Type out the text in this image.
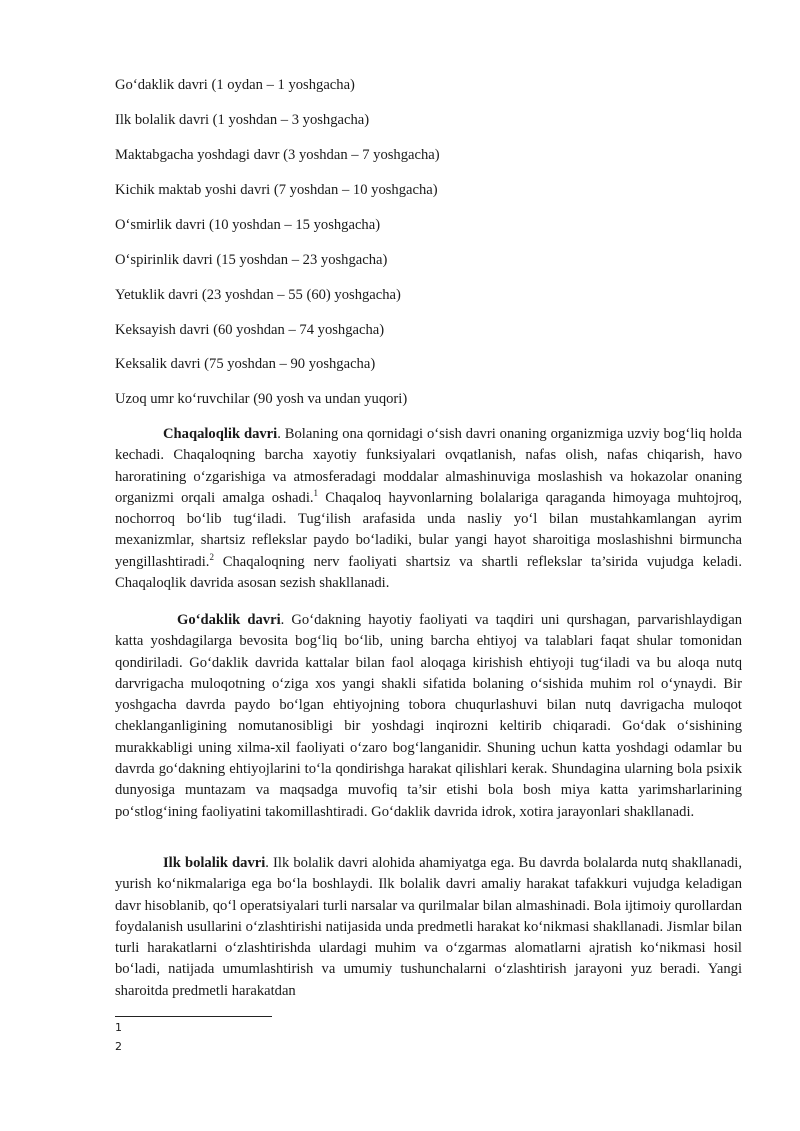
Go‘daklik davri (1 oydan – 1 yoshgacha)
Ilk bolalik davri (1 yoshdan – 3 yoshgacha)
Maktabgacha yoshdagi davr (3 yoshdan – 7 yoshgacha)
Kichik maktab yoshi davri (7 yoshdan – 10 yoshgacha)
O‘smirlik davri (10 yoshdan – 15 yoshgacha)
O‘spirinlik davri (15 yoshdan – 23 yoshgacha)
Yetuklik davri (23 yoshdan – 55 (60) yoshgacha)
Keksayish davri (60 yoshdan – 74 yoshgacha)
Keksalik davri (75 yoshdan – 90 yoshgacha)
Uzoq umr ko‘ruvchilar (90 yosh va undan yuqori)

Chaqaloqlik davri. Bolaning ona qornidagi o‘sish davri onaning organizmiga uzviy bog‘liq holda kechadi. Chaqaloqning barcha xayotiy funksiyalari ovqatlanish, nafas olish, nafas chiqarish, havo haroratining o‘zgarishiga va atmosferadagi moddalar almashinuviga moslashish va hokazolar onaning organizmi orqali amalga oshadi.$^1$ Chaqaloq hayvonlarning bolalariga qaraganda himoyaga muhtojroq, nochorroq bo‘lib tug‘iladi. Tug‘ilish arafasida unda nasliy yo‘l bilan mustahkamlangan ayrim mexanizmlar, shartsiz reflekslar paydo bo‘ladiki, bular yangi hayot sharoitiga moslashishni birmuncha yengillashtiradi.$^2$ Chaqaloqning nerv faoliyati shartsiz va shartli reflekslar ta’sirida vujudga keladi. Chaqaloqlik davrida asosan sezish shakllanadi.

Go‘daklik davri. Go‘dakning hayotiy faoliyati va taqdiri uni qurshagan, parvarishlaydigan katta yoshdagilarga bevosita bog‘liq bo‘lib, uning barcha ehtiyoj va talablari faqat shular tomonidan qondiriladi. Go‘daklik davrida kattalar bilan faol aloqaga kirishish ehtiyoji tug‘iladi va bu aloqa nutq darvrigacha muloqotning o‘ziga xos yangi shakli sifatida bolaning o‘sishida muhim rol o‘ynaydi. Bir yoshgacha davrda paydo bo‘lgan ehtiyojning tobora chuqurlashuvi bilan nutq davrigacha muloqot cheklanganligining nomutanosibligi bir yoshdagi inqirozni keltirib chiqaradi. Go‘dak o‘sishining murakkabligi uning xilma-xil faoliyati o‘zaro bog‘langanidir. Shuning uchun katta yoshdagi odamlar bu davrda go‘dakning ehtiyojlarini to‘la qondirishga harakat qilishlari kerak. Shundagina ularning bola psixik dunyosiga muntazam va maqsadga muvofiq ta’sir etishi bola bosh miya katta yarimsharlarining po‘stlog‘ining faoliyatini takomillashtiradi. Go‘daklik davrida idrok, xotira jarayonlari shakllanadi.

Ilk bolalik davri. Ilk bolalik davri alohida ahamiyatga ega. Bu davrda bolalarda nutq shakllanadi, yurish ko‘nikmalariga ega bo‘la boshlaydi. Ilk bolalik davri amaliy harakat tafakkuri vujudga keladigan davr hisoblanib, qo‘l operatsiyalari turli narsalar va qurilmalar bilan almashinadi. Bola ijtimoiy qurollardan foydalanish usullarini o‘zlashtirishi natijasida unda predmetli harakat ko‘nikmasi shakllanadi. Jismlar bilan turli harakatlarni o‘zlashtirishda ulardagi muhim va o‘zgarmas alomatlarni ajratish ko‘nikmasi hosil bo‘ladi, natijada umumlashtirish va umumiy tushunchalarni o‘zlashtirish jarayoni yuz beradi. Yangi sharoitda predmetli harakatdan

1
2
